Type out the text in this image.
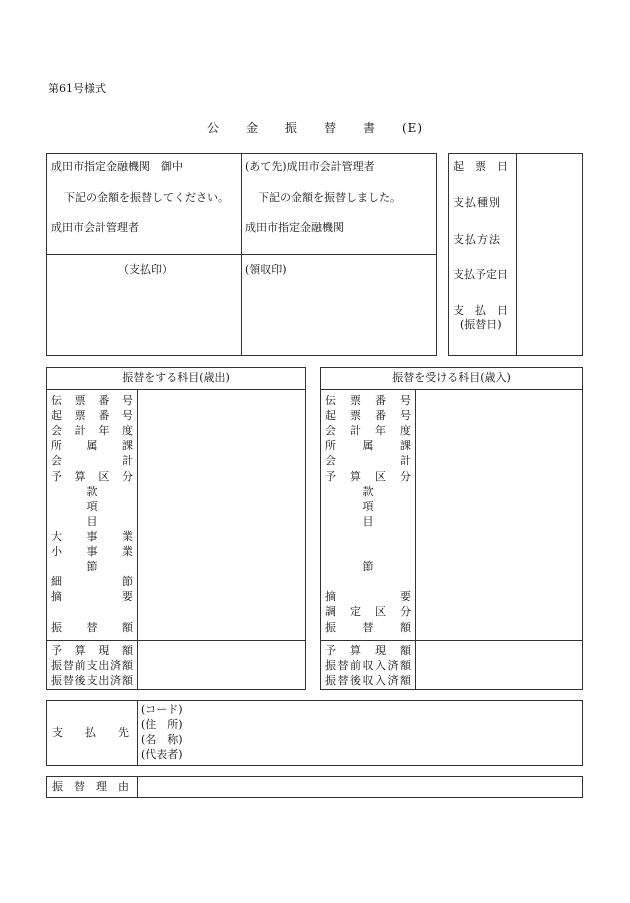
第61号様式
公　　金　　振　　替　　書　　(E)
成田市指定金融機関　御中
下記の金額を振替してください。
成田市会計管理者
（支払印）
(あて先)成田市会計管理者
下記の金額を振替しました。
成田市指定金融機関
(領収印)
起　票　日
支払種別
支払方法
支払予定日
支　払　日
(振替日)
振替をする科目(歳出)
伝 票 番 号
起 票 番 号
会 計 年 度
所 属 課
会	計
予 算 区 分
款
項
目
大 事 業
小 事 業
節
細	節
摘	要
振 替 額
予 算 現 額
振 替 前 支 出 済 額
振 替 後 支 出 済 額
振替を受ける科目(歳入)
伝 票 番 号
起 票 番 号
会 計 年 度
所 属 課
会	計
予 算 区 分
款
項
目
節
摘	要
調 定 区 分
振 替 額
予 算 現 額
振 替 前 収 入 済 額
振 替 後 収 入 済 額
支　　払　　先
(コード)
(住　所)
(名　称)
(代表者)
振　替　理　由
